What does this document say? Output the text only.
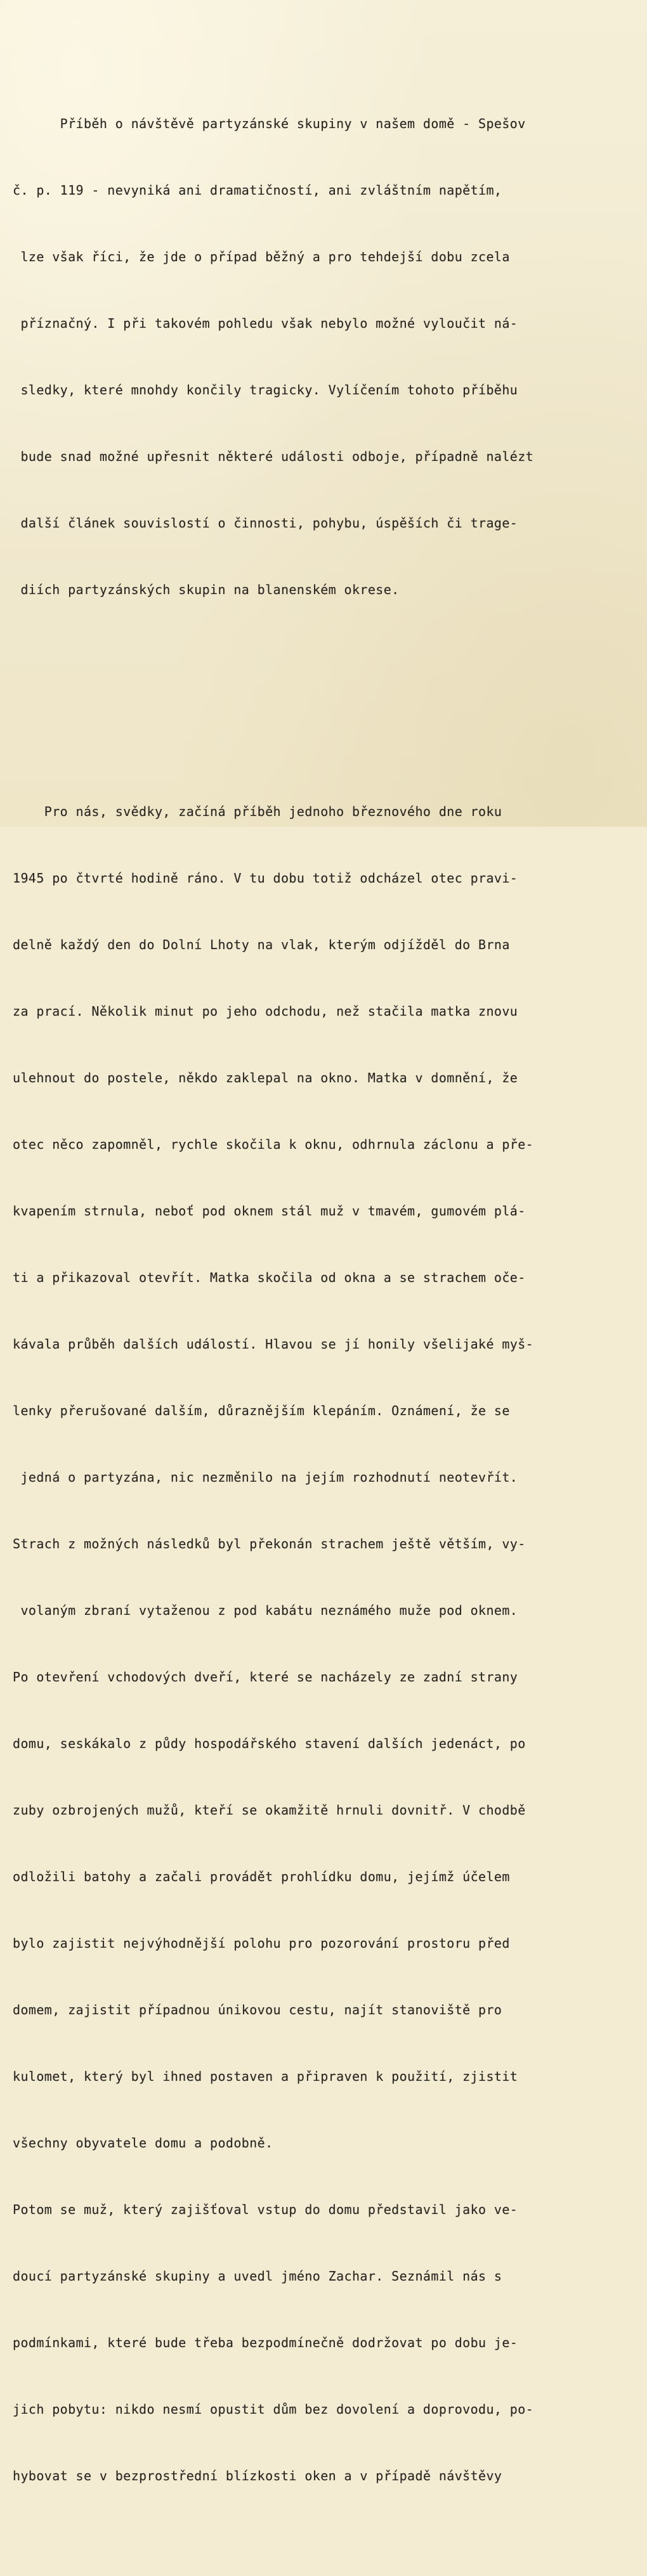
Příběh o návštěvě partyzánské skupiny v našem domě - Spešov

č. p. 119 - nevyniká ani dramatičností, ani zvláštním napětím,

lze však říci, že jde o případ běžný a pro tehdejší dobu zcela

příznačný. I při takovém pohledu však nebylo možné vyloučit ná-

sledky, které mnohdy končily tragicky. Vylíčením tohoto příběhu

bude snad možné upřesnit některé události odboje, případně nalézt

další článek souvislostí o činnosti, pohybu, úspěších či trage-

diích partyzánských skupin na blanenském okrese.

Pro nás, svědky, začíná příběh jednoho březnového dne roku

1945 po čtvrté hodině ráno. V tu dobu totiž odcházel otec pravi-

delně každý den do Dolní Lhoty na vlak, kterým odjížděl do Brna

za prací. Několik minut po jeho odchodu, než stačila matka znovu

ulehnout do postele, někdo zaklepal na okno. Matka v domnění, že

otec něco zapomněl, rychle skočila k oknu, odhrnula záclonu a pře-

kvapením strnula, neboť pod oknem stál muž v tmavém, gumovém plá-

ti a přikazoval otevřít. Matka skočila od okna a se strachem oče-

kávala průběh dalších událostí. Hlavou se jí honily všelijaké myš-

lenky přerušované dalším, důraznějším klepáním. Oznámení, že se

jedná o partyzána, nic nezměnilo na jejím rozhodnutí neotevřít.

Strach z možných následků byl překonán strachem ještě větším, vy-

volaným zbraní vytaženou z pod kabátu neznámého muže pod oknem.

Po otevření vchodových dveří, které se nacházely ze zadní strany

domu, seskákalo z půdy hospodářského stavení dalších jedenáct, po

zuby ozbrojených mužů, kteří se okamžitě hrnuli dovnitř. V chodbě

odložili batohy a začali provádět prohlídku domu, jejímž účelem

bylo zajistit nejvýhodnější polohu pro pozorování prostoru před

domem, zajistit případnou únikovou cestu, najít stanoviště pro

kulomet, který byl ihned postaven a připraven k použití, zjistit

všechny obyvatele domu a podobně.

Potom se muž, který zajišťoval vstup do domu představil jako ve-

doucí partyzánské skupiny a uvedl jméno Zachar. Seznámil nás s

podmínkami, které bude třeba bezpodmínečně dodržovat po dobu je-

jich pobytu: nikdo nesmí opustit dům bez dovolení a doprovodu, po-

hybovat se v bezprostřední blízkosti oken a v případě návštěvy
